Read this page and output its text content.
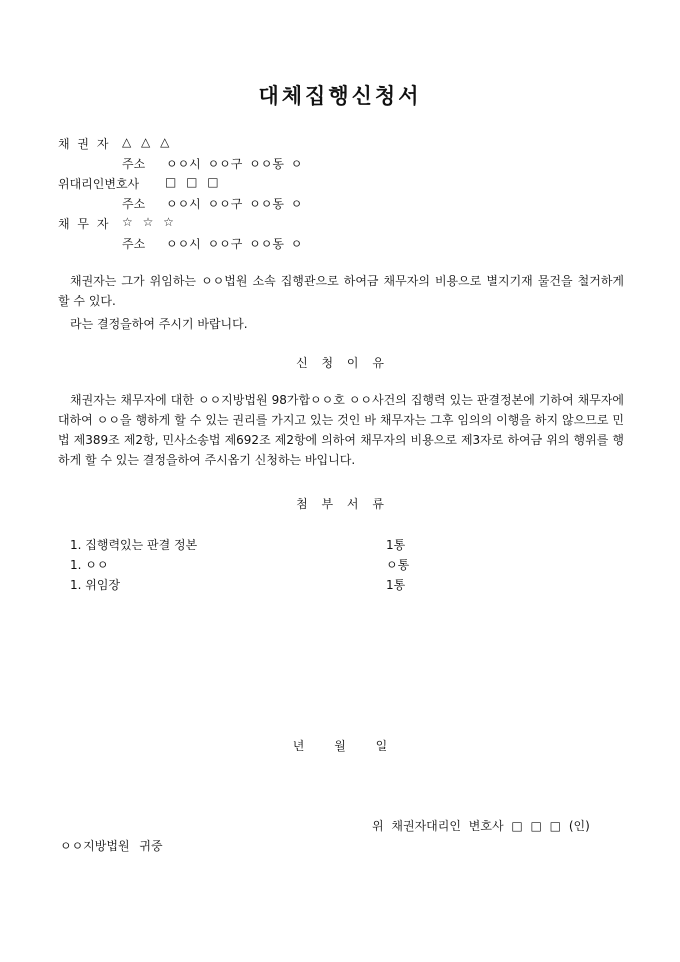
대체집행신청서
채 권 자 △ △ △
주소 ㅇㅇ시 ㅇㅇ구 ㅇㅇ동 ㅇ
위대리인변호사 □ □ □
주소 ㅇㅇ시 ㅇㅇ구 ㅇㅇ동 ㅇ
채 무 자 ☆ ☆ ☆
주소 ㅇㅇ시 ㅇㅇ구 ㅇㅇ동 ㅇ

채권자는 그가 위임하는 ㅇㅇ법원 소속 집행관으로 하여금 채무자의 비용으로 별지기재 물건을 철거하게 할 수 있다.

라는 결정을하여 주시기 바랍니다.
신 청 이 유

채권자는 채무자에 대한 ㅇㅇ지방법원 98가합ㅇㅇ호 ㅇㅇ사건의 집행력 있는 판결정본에 기하여 채무자에 대하여 ㅇㅇ을 행하게 할 수 있는 권리를 가지고 있는 것인 바 채무자는 그후 임의의 이행을 하지 않으므로 민법 제389조 제2항, 민사소송법 제692조 제2항에 의하여 채무자의 비용으로 제3자로 하여금 위의 행위를 행하게 할 수 있는 결정을하여 주시옵기 신청하는 바입니다.

첨 부 서 류
1. 집행력있는 판결 정본	1통
1. ㅇㅇ	ㅇ통
1. 위임장	1통
년 월 일
위 채권자대리인 변호사 □ □ □ (인)
ㅇㅇ지방법원 귀중
